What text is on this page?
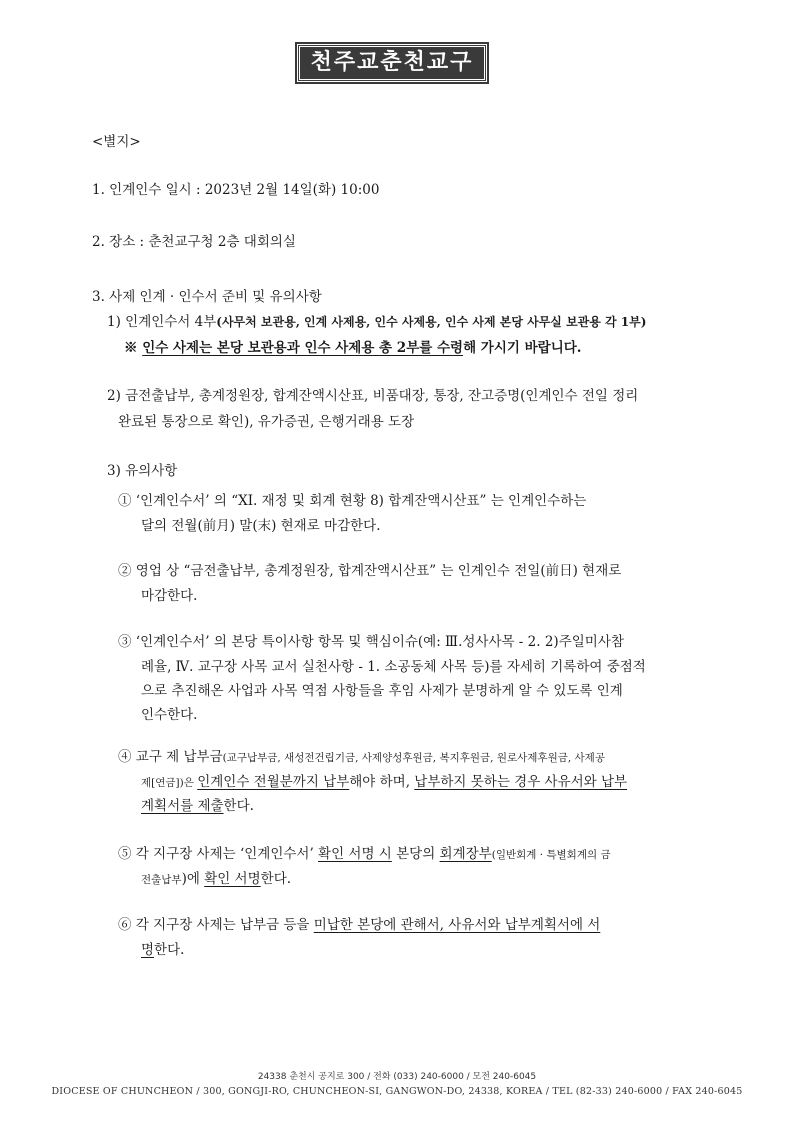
천주교춘천교구
<별지>
1. 인계인수 일시 : 2023년 2월 14일(화) 10:00
2. 장소 : 춘천교구청 2층 대회의실
3. 사제 인계 · 인수서 준비 및 유의사항
1) 인계인수서 4부(사무처 보관용, 인계 사제용, 인수 사제용, 인수 사제 본당 사무실 보관용 각 1부)
※ 인수 사제는 본당 보관용과 인수 사제용 총 2부를 수령해 가시기 바랍니다.
2) 금전출납부, 총계정원장, 합계잔액시산표, 비품대장, 통장, 잔고증명(인계인수 전일 정리
완료된 통장으로 확인), 유가증권, 은행거래용 도장
3) 유의사항
① ‘인계인수서’ 의 “XI. 재정 및 회계 현황 8) 합계잔액시산표” 는 인계인수하는
달의 전월(前月) 말(末) 현재로 마감한다.
② 영업 상 “금전출납부, 총계정원장, 합계잔액시산표” 는 인계인수 전일(前日) 현재로
마감한다.
③ ‘인계인수서’ 의 본당 특이사항 항목 및 핵심이슈(예: Ⅲ.성사사목 - 2. 2)주일미사참
례율, Ⅳ. 교구장 사목 교서 실천사항 - 1. 소공동체 사목 등)를 자세히 기록하여 중점적
으로 추진해온 사업과 사목 역점 사항들을 후임 사제가 분명하게 알 수 있도록 인계
인수한다.
④ 교구 제 납부금(교구납부금, 새성전건립기금, 사제양성후원금, 복지후원금, 원로사제후원금, 사제공
제[연금])은 인계인수 전월분까지 납부해야 하며, 납부하지 못하는 경우 사유서와 납부
계획서를 제출한다.
⑤ 각 지구장 사제는 ‘인계인수서’ 확인 서명 시 본당의 회계장부(일반회계 · 특별회계의 금
전출납부)에 확인 서명한다.
⑥ 각 지구장 사제는 납부금 등을 미납한 본당에 관해서, 사유서와 납부계획서에 서
명한다.
24338 춘천시 공지로 300 / 전화 (033) 240-6000 / 모전 240-6045
DIOCESE OF CHUNCHEON / 300, GONGJI-RO, CHUNCHEON-SI, GANGWON-DO, 24338, KOREA / TEL (82-33) 240-6000 / FAX 240-6045
